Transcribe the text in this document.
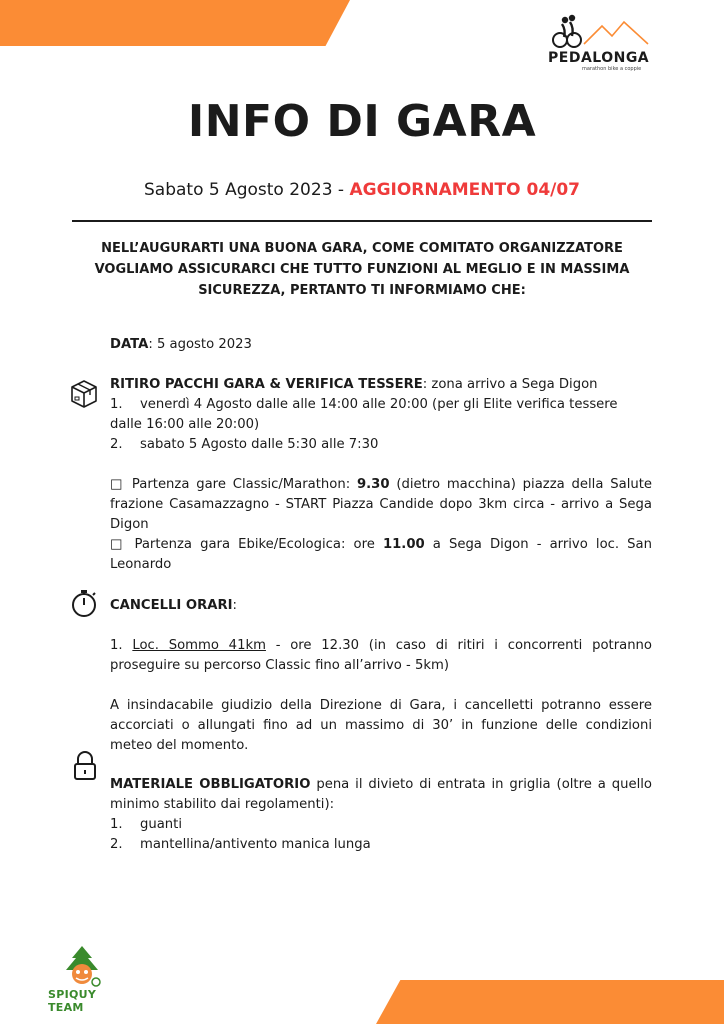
PEDALONGA
marathon bike a coppie
INFO DI GARA
Sabato 5 Agosto 2023 - AGGIORNAMENTO 04/07
NELL’AUGURARTI UNA BUONA GARA, COME COMITATO ORGANIZZATORE VOGLIAMO ASSICURARCI CHE TUTTO FUNZIONI AL MEGLIO E IN MASSIMA SICUREZZA, PERTANTO TI INFORMIAMO CHE:
DATA: 5 agosto 2023
RITIRO PACCHI GARA & VERIFICA TESSERE: zona arrivo a Sega Digon
1. venerdì 4 Agosto dalle alle 14:00 alle 20:00 (per gli Elite verifica tessere dalle 16:00 alle 20:00)
2. sabato 5 Agosto dalle 5:30 alle 7:30
□ Partenza gare Classic/Marathon: 9.30 (dietro macchina) piazza della Salute frazione Casamazzagno - START Piazza Candide dopo 3km circa - arrivo a Sega Digon
□ Partenza gara Ebike/Ecologica: ore 11.00 a Sega Digon - arrivo loc. San Leonardo
CANCELLI ORARI:
1. Loc. Sommo 41km - ore 12.30 (in caso di ritiri i concorrenti potranno proseguire su percorso Classic fino all’arrivo - 5km)
A insindacabile giudizio della Direzione di Gara, i cancelletti potranno essere accorciati o allungati fino ad un massimo di 30’ in funzione delle condizioni meteo del momento.
MATERIALE OBBLIGATORIO pena il divieto di entrata in griglia (oltre a quello minimo stabilito dai regolamenti):
1. guanti
2. mantellina/antivento manica lunga
SPIQUY TEAM
